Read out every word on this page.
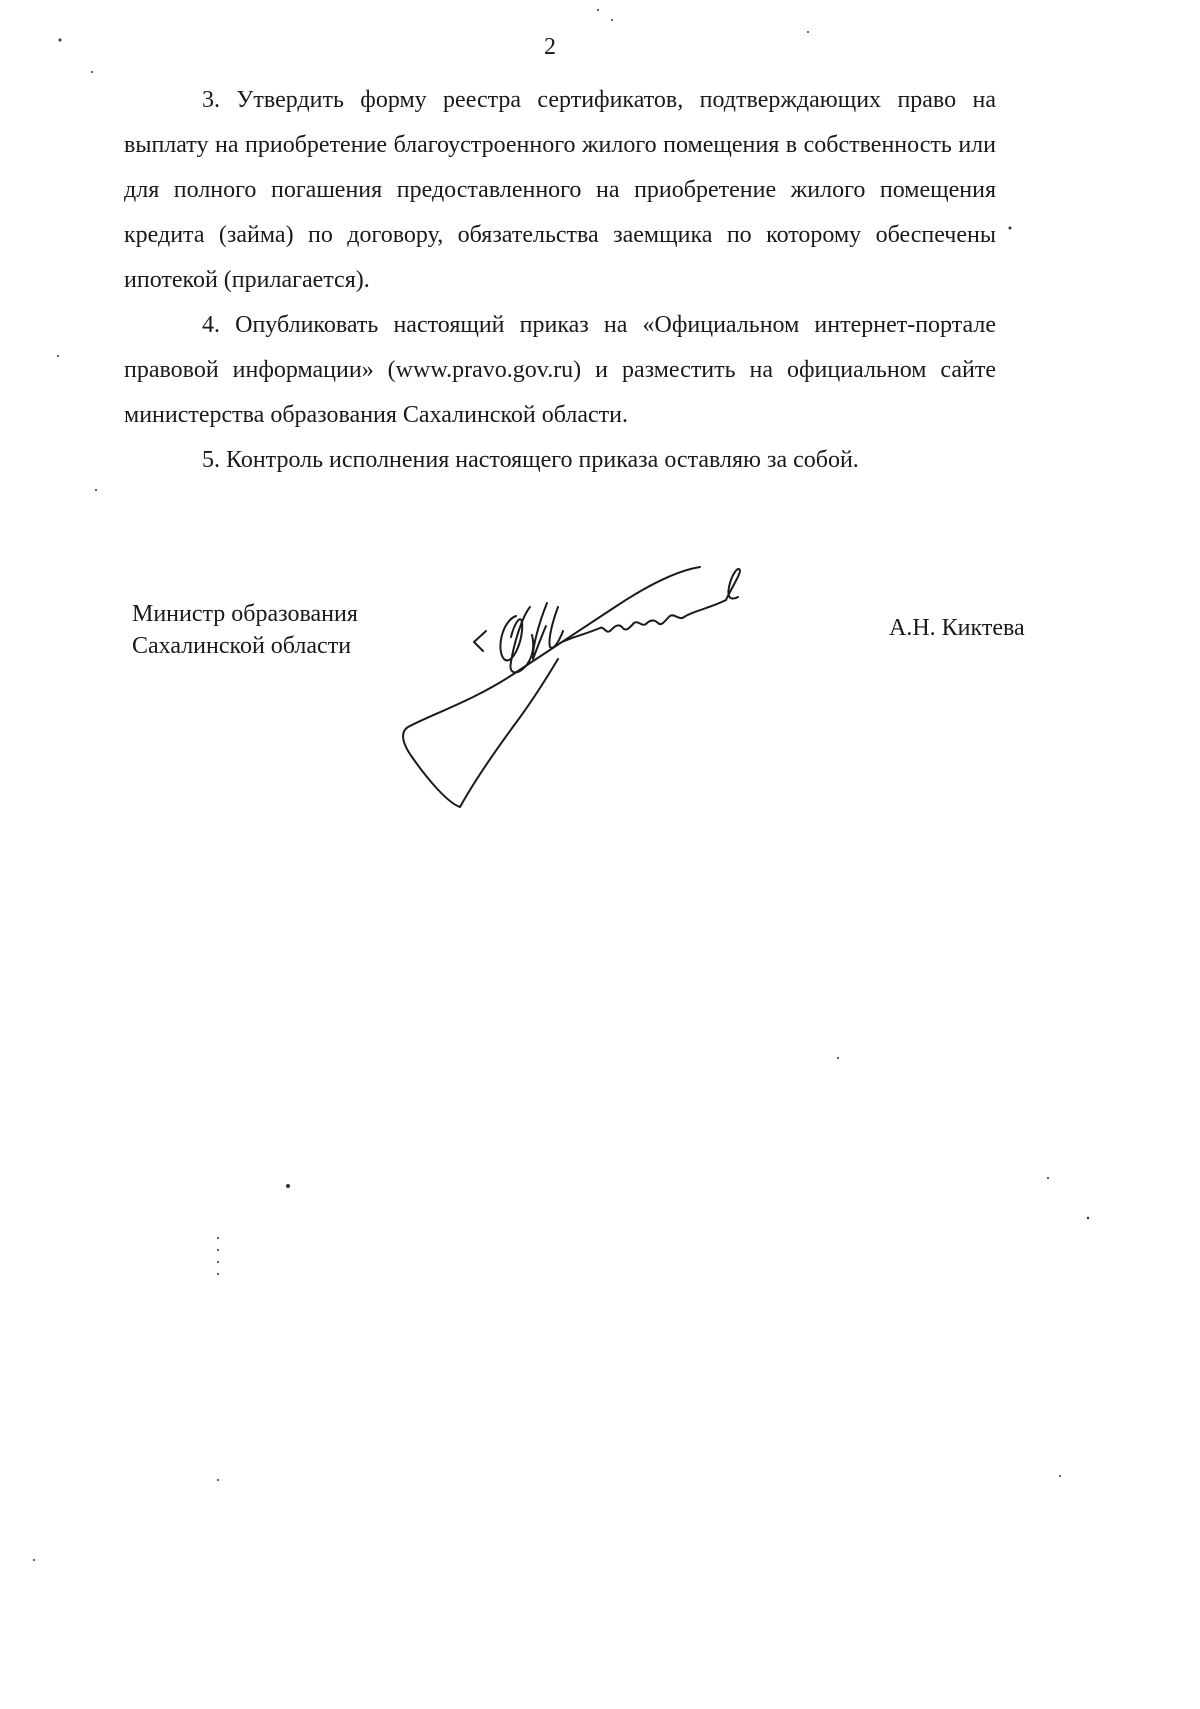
2

3. Утвердить форму реестра сертификатов, подтверждающих право на выплату на приобретение благоустроенного жилого помещения в собственность или для полного погашения предоставленного на приобретение жилого помещения кредита (займа) по договору, обязательства заемщика по которому обеспечены ипотекой (прилагается).

4. Опубликовать настоящий приказ на «Официальном интернет-портале правовой информации» (www.pravo.gov.ru) и разместить на официальном сайте министерства образования Сахалинской области.

5. Контроль исполнения настоящего приказа оставляю за собой.

Министр образования
Сахалинской области
А.Н. Киктева
